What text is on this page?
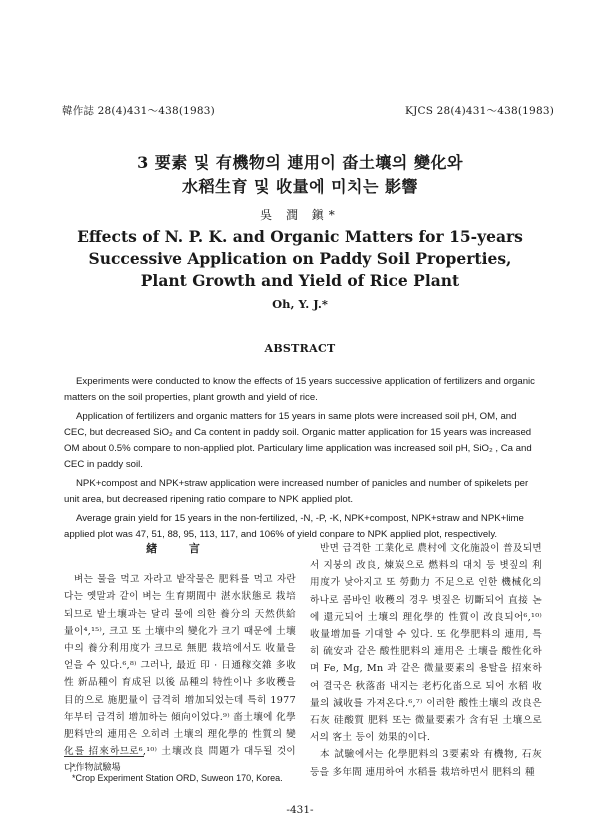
韓作誌 28(4)431～438(1983)	KJCS 28(4)431～438(1983)
3 要素 및 有機物의 連用이 畓土壤의 變化와
水稻生育 및 收量에 미치는 影響
吳 潤 鎭*
Effects of N. P. K. and Organic Matters for 15-years
Successive Application on Paddy Soil Properties,
Plant Growth and Yield of Rice Plant
Oh, Y. J.*
ABSTRACT

Experiments were conducted to know the effects of 15 years successive application of fertilizers and organic matters on the soil properties, plant growth and yield of rice.

Application of fertilizers and organic matters for 15 years in same plots were increased soil pH, OM, and CEC, but decreased SiO₂ and Ca content in paddy soil. Organic matter application for 15 years was increased OM about 0.5% compare to non-applied plot. Particulary lime application was increased soil pH, SiO₂ , Ca and CEC in paddy soil.

NPK+compost and NPK+straw application were increased number of panicles and number of spikelets per unit area, but decreased ripening ratio compare to NPK applied plot.

Average grain yield for 15 years in the non-fertilized, -N, -P, -K, NPK+compost, NPK+straw and NPK+lime applied plot was 47, 51, 88, 95, 113, 117, and 106% of yield conpare to NPK applied plot, respectively.

緖 言

벼는 물을 먹고 자라고 밭작물은 肥料를 먹고 자란다는 옛말과 같이 벼는 生育期間中 湛水狀態로 栽培되므로 밭土壤과는 달리 물에 의한 養分의 天然供給量이⁴,¹⁵⁾, 크고 또 土壤中의 變化가 크기 때문에 土壤中의 養分利用度가 크므로 無肥 栽培에서도 收量을 얻을 수 있다.⁶,⁸⁾ 그러나, 最近 印 · 日通稼交雜 多收性 新品種이 育成된 以後 品種의 特性이나 多收穫을 目的으로 施肥量이 급격히 增加되었는데 특히 1977年부터 급격히 增加하는 傾向이었다.⁹⁾ 畓土壤에 化學肥料만의 連用은 오히려 土壤의 理化學的 性質의 變化를 招來하므로⁶,¹⁰⁾ 土壤改良 問題가 대두될 것이다.

반면 급격한 工業化로 農村에 文化施設이 普及되면서 지붕의 改良, 煉炭으로 燃料의 대치 등 볏짚의 利用度가 낮아지고 또 勞動力 不足으로 인한 機械化의 하나로 콤바인 收穫의 경우 볏짚은 切斷되어 直接 논에 還元되어 土壤의 理化學的 性質이 改良되어⁶,¹⁰⁾ 收量增加를 기대할 수 있다. 또 化學肥料의 連用, 특히 硫安과 같은 酸性肥料의 連用은 土壤을 酸性化하며 Fe, Mg, Mn 과 같은 微量要素의 용탈을 招來하여 결국은 秋落畓 내지는 老朽化畓으로 되어 水稻 收量의 減收를 가져온다.⁶,⁷⁾ 이러한 酸性土壤의 改良은 石灰 硅酸質 肥料 또는 微量要素가 含有된 土壤으로서의 客土 등이 効果的이다.

本 試驗에서는 化學肥料의 3要素와 有機物, 石灰등을 多年間 連用하여 水稻를 栽培하면서 肥料의 種

*作物試驗場
*Crop Experiment Station ORD, Suweon 170, Korea.
-431-
